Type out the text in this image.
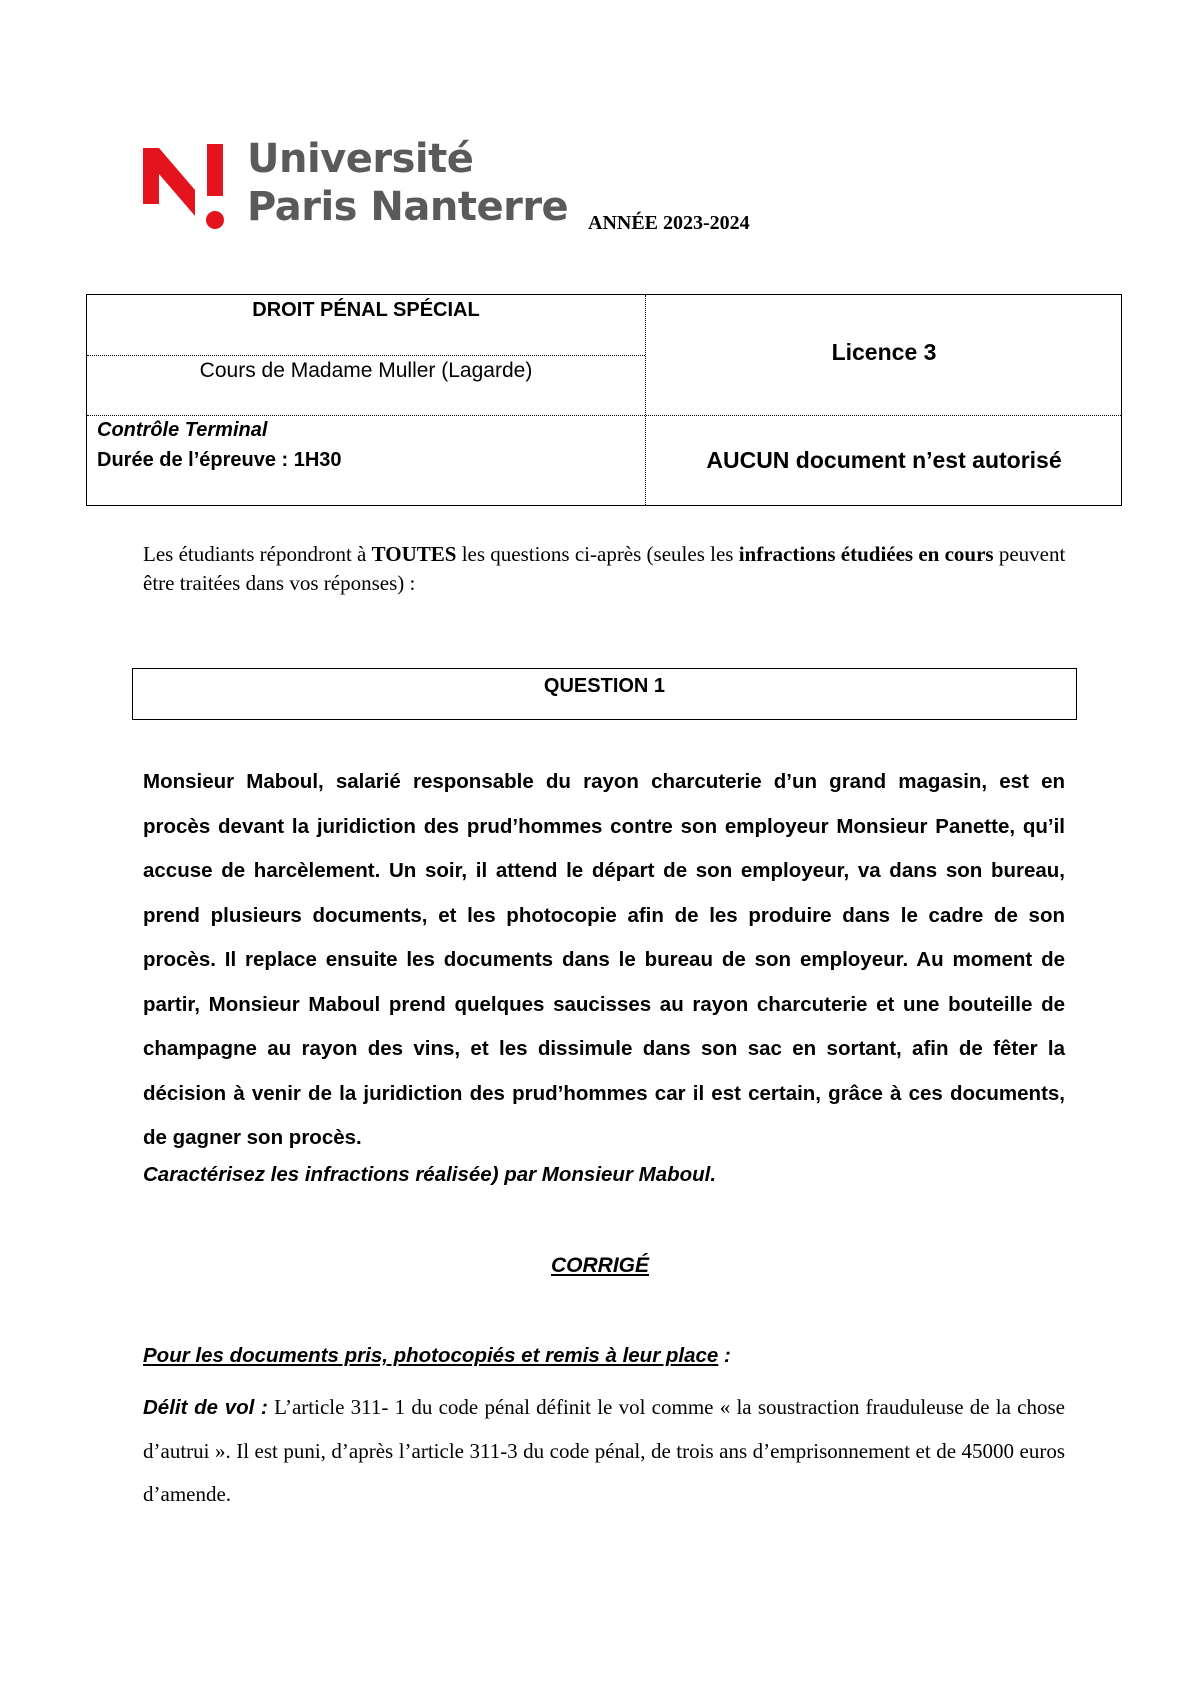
Université
Paris Nanterre ANNÉE 2023-2024
DROIT PÉNAL SPÉCIAL
Cours de Madame Muller (Lagarde)
Licence 3
Contrôle Terminal
Durée de l’épreuve : 1H30	AUCUN document n’est autorisé
Les étudiants répondront à TOUTES les questions ci-après (seules les infractions étudiées en cours peuvent être traitées dans vos réponses) :
QUESTION 1
Monsieur Maboul, salarié responsable du rayon charcuterie d’un grand magasin, est en procès devant la juridiction des prud’hommes contre son employeur Monsieur Panette, qu’il accuse de harcèlement. Un soir, il attend le départ de son employeur, va dans son bureau, prend plusieurs documents, et les photocopie afin de les produire dans le cadre de son procès. Il replace ensuite les documents dans le bureau de son employeur. Au moment de partir, Monsieur Maboul prend quelques saucisses au rayon charcuterie et une bouteille de champagne au rayon des vins, et les dissimule dans son sac en sortant, afin de fêter la décision à venir de la juridiction des prud’hommes car il est certain, grâce à ces documents, de gagner son procès.
Caractérisez les infractions réalisée) par Monsieur Maboul.
CORRIGÉ
Pour les documents pris, photocopiés et remis à leur place :
Délit de vol : L’article 311- 1 du code pénal définit le vol comme « la soustraction frauduleuse de la chose d’autrui ». Il est puni, d’après l’article 311-3 du code pénal, de trois ans d’emprisonnement et de 45000 euros d’amende.
